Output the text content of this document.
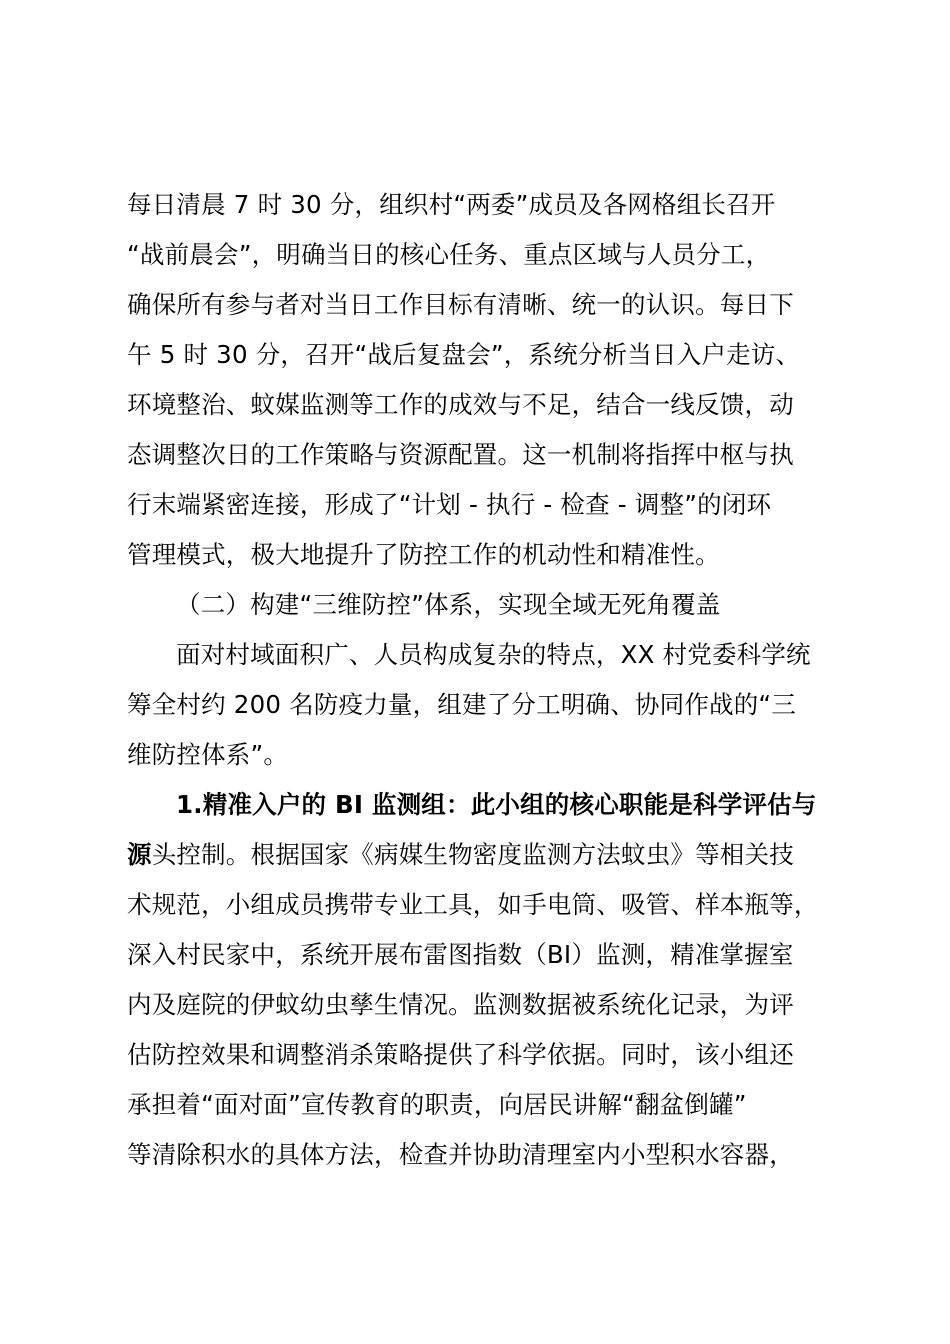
每日清晨 7 时 30 分，组织村“两委”成员及各网格组长召开
“战前晨会”，明确当日的核心任务、重点区域与人员分工，
确保所有参与者对当日工作目标有清晰、统一的认识。每日下
午 5 时 30 分，召开“战后复盘会”，系统分析当日入户走访、
环境整治、蚊媒监测等工作的成效与不足，结合一线反馈，动
态调整次日的工作策略与资源配置。这一机制将指挥中枢与执
行末端紧密连接，形成了“计划 - 执行 - 检查 - 调整”的闭环
管理模式，极大地提升了防控工作的机动性和精准性。
（二）构建“三维防控”体系，实现全域无死角覆盖
面对村域面积广、人员构成复杂的特点，XX 村党委科学统
筹全村约 200 名防疫力量，组建了分工明确、协同作战的“三
维防控体系”。
1.精准入户的 BI 监测组：此小组的核心职能是科学评估与
源头控制。根据国家《病媒生物密度监测方法蚊虫》等相关技
术规范，小组成员携带专业工具，如手电筒、吸管、样本瓶等，
深入村民家中，系统开展布雷图指数（BI）监测，精准掌握室
内及庭院的伊蚊幼虫孳生情况。监测数据被系统化记录，为评
估防控效果和调整消杀策略提供了科学依据。同时，该小组还
承担着“面对面”宣传教育的职责，向居民讲解“翻盆倒罐”
等清除积水的具体方法，检查并协助清理室内小型积水容器，
